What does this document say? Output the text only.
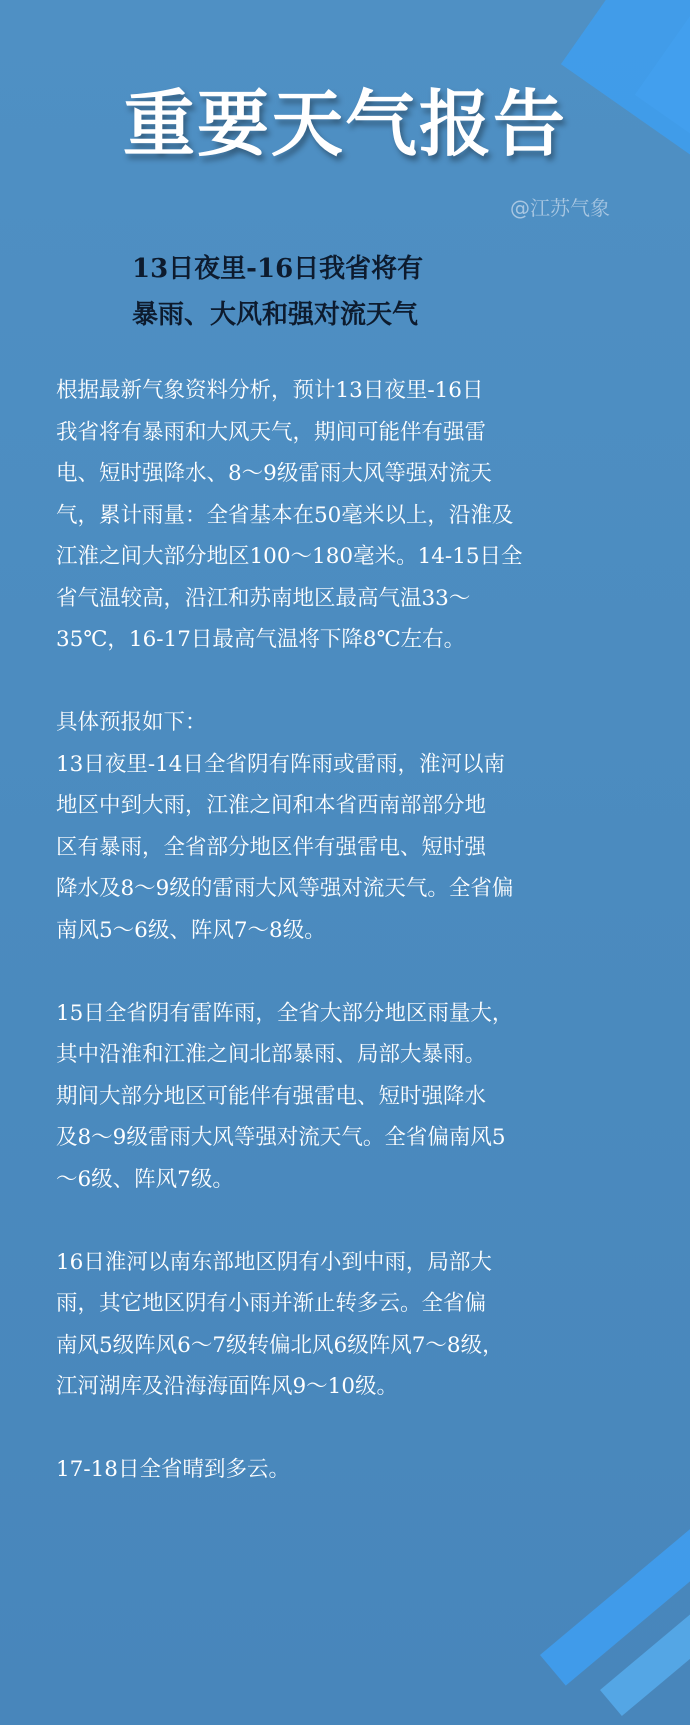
重要天气报告
@江苏气象
13日夜里-16日我省将有
暴雨、大风和强对流天气
根据最新气象资料分析，预计13日夜里-16日
我省将有暴雨和大风天气，期间可能伴有强雷
电、短时强降水、8～9级雷雨大风等强对流天
气，累计雨量：全省基本在50毫米以上，沿淮及
江淮之间大部分地区100～180毫米。14-15日全
省气温较高，沿江和苏南地区最高气温33～
35℃，16-17日最高气温将下降8℃左右。
具体预报如下：
13日夜里-14日全省阴有阵雨或雷雨，淮河以南
地区中到大雨，江淮之间和本省西南部部分地
区有暴雨，全省部分地区伴有强雷电、短时强
降水及8～9级的雷雨大风等强对流天气。全省偏
南风5～6级、阵风7～8级。
15日全省阴有雷阵雨，全省大部分地区雨量大，
其中沿淮和江淮之间北部暴雨、局部大暴雨。
期间大部分地区可能伴有强雷电、短时强降水
及8～9级雷雨大风等强对流天气。全省偏南风5
～6级、阵风7级。
16日淮河以南东部地区阴有小到中雨，局部大
雨，其它地区阴有小雨并渐止转多云。全省偏
南风5级阵风6～7级转偏北风6级阵风7～8级，
江河湖库及沿海海面阵风9～10级。
17-18日全省晴到多云。
